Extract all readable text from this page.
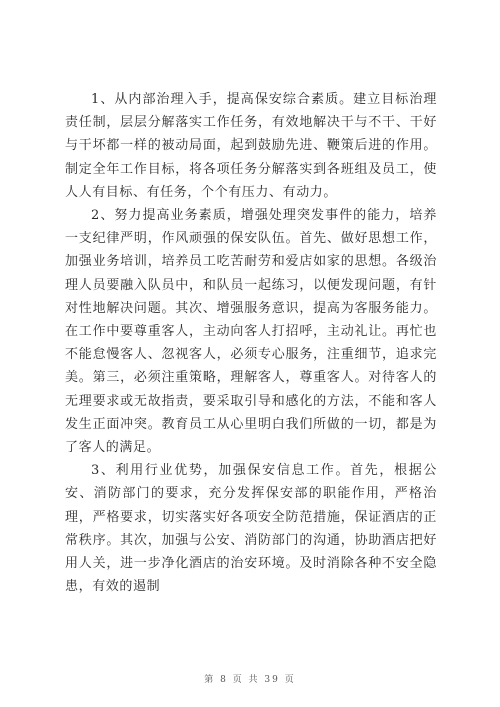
1、从内部治理入手，提高保安综合素质。建立目标治理责任制，层层分解落实工作任务，有效地解决干与不干、干好与干坏都一样的被动局面，起到鼓励先进、鞭策后进的作用。制定全年工作目标，将各项任务分解落实到各班组及员工，使人人有目标、有任务，个个有压力、有动力。

2、努力提高业务素质，增强处理突发事件的能力，培养一支纪律严明，作风顽强的保安队伍。首先、做好思想工作，加强业务培训，培养员工吃苦耐劳和爱店如家的思想。各级治理人员要融入队员中，和队员一起练习，以便发现问题，有针对性地解决问题。其次、增强服务意识，提高为客服务能力。在工作中要尊重客人，主动向客人打招呼，主动礼让。再忙也不能怠慢客人、忽视客人，必须专心服务，注重细节，追求完美。第三，必须注重策略，理解客人，尊重客人。对待客人的无理要求或无故指责，要采取引导和感化的方法，不能和客人发生正面冲突。教育员工从心里明白我们所做的一切，都是为了客人的满足。

3、利用行业优势，加强保安信息工作。首先，根据公安、消防部门的要求，充分发挥保安部的职能作用，严格治理，严格要求，切实落实好各项安全防范措施，保证酒店的正常秩序。其次，加强与公安、消防部门的沟通，协助酒店把好用人关，进一步净化酒店的治安环境。及时消除各种不安全隐患，有效的遏制

第 8 页 共 39 页
